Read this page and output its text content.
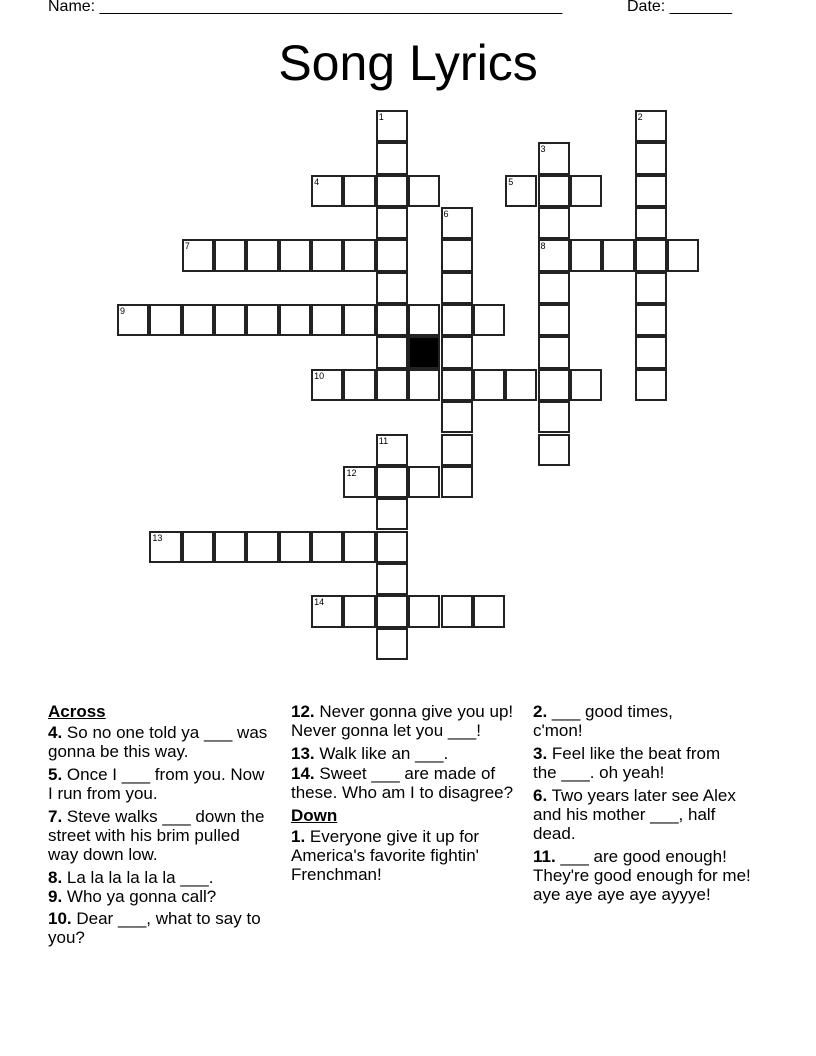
Name: ____________________________________________________	Date: _______
Song Lyrics
1	2
3
8
4	5
6
7
9
10
11
12
13
14
Across
4. So no one told ya ___ was gonna be this way.
5. Once I ___ from you. Now I run from you.
7. Steve walks ___ down the street with his brim pulled way down low.
8. La la la la la la ___.
9. Who ya gonna call?
10. Dear ___, what to say to you?
12. Never gonna give you up! Never gonna let you ___!
13. Walk like an ___.
14. Sweet ___ are made of these. Who am I to disagree?
Down
1. Everyone give it up for America's favorite fightin' Frenchman!
2. ___ good times, c'mon!
3. Feel like the beat from the ___. oh yeah!
6. Two years later see Alex and his mother ___, half dead.
11. ___ are good enough! They're good enough for me! aye aye aye aye ayyye!
